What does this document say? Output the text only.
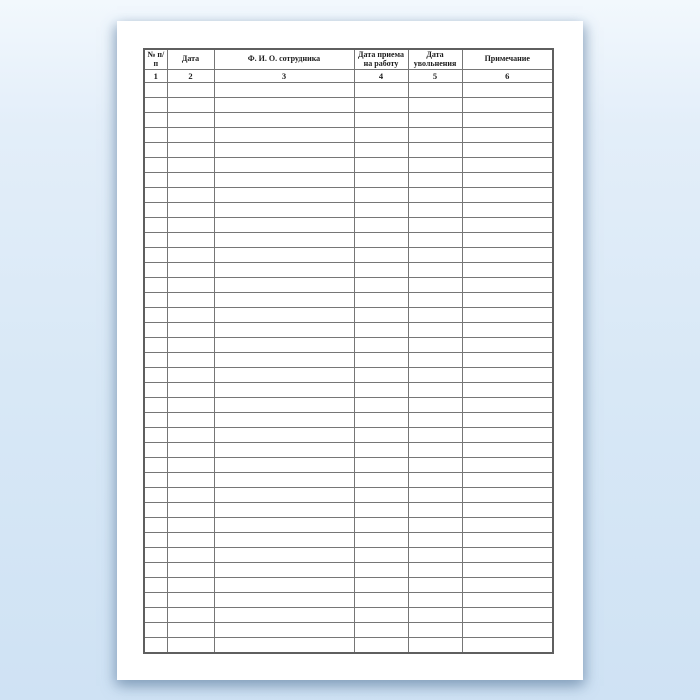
№ п/п	Дата	Ф. И. О. сотрудника	Дата приема на работу	Дата увольнения	Примечание
1	2	3	4	5	6
